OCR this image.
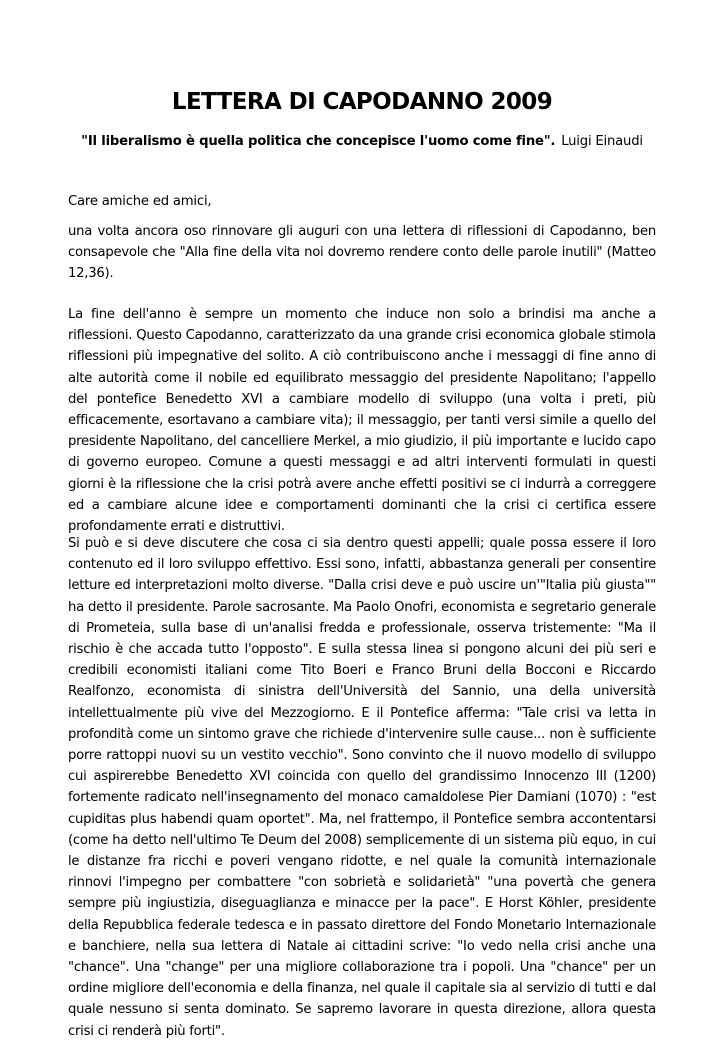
LETTERA DI CAPODANNO 2009
"Il liberalismo è quella politica che concepisce l'uomo come fine". Luigi Einaudi
Care amiche ed amici,

una volta ancora oso rinnovare gli auguri con una lettera di riflessioni di Capodanno, ben consapevole che "Alla fine della vita noi dovremo rendere conto delle parole inutili" (Matteo 12,36).

La fine dell'anno è sempre un momento che induce non solo a brindisi ma anche a riflessioni. Questo Capodanno, caratterizzato da una grande crisi economica globale stimola riflessioni più impegnative del solito. A ciò contribuiscono anche i messaggi di fine anno di alte autorità come il nobile ed equilibrato messaggio del presidente Napolitano; l'appello del pontefice Benedetto XVI a cambiare modello di sviluppo (una volta i preti, più efficacemente, esortavano a cambiare vita); il messaggio, per tanti versi simile a quello del presidente Napolitano, del cancelliere Merkel, a mio giudizio, il più importante e lucido capo di governo europeo. Comune a questi messaggi e ad altri interventi formulati in questi giorni è la riflessione che la crisi potrà avere anche effetti positivi se ci indurrà a correggere ed a cambiare alcune idee e comportamenti dominanti che la crisi ci certifica essere profondamente errati e distruttivi.

Si può e si deve discutere che cosa ci sia dentro questi appelli; quale possa essere il loro contenuto ed il loro sviluppo effettivo. Essi sono, infatti, abbastanza generali per consentire letture ed interpretazioni molto diverse. "Dalla crisi deve e può uscire un'"Italia più giusta"" ha detto il presidente. Parole sacrosante. Ma Paolo Onofri, economista e segretario generale di Prometeia, sulla base di un'analisi fredda e professionale, osserva tristemente: "Ma il rischio è che accada tutto l'opposto". E sulla stessa linea si pongono alcuni dei più seri e credibili economisti italiani come Tito Boeri e Franco Bruni della Bocconi e Riccardo Realfonzo, economista di sinistra dell'Università del Sannio, una della università intellettualmente più vive del Mezzogiorno. E il Pontefice afferma: "Tale crisi va letta in profondità come un sintomo grave che richiede d'intervenire sulle cause... non è sufficiente porre rattoppi nuovi su un vestito vecchio". Sono convinto che il nuovo modello di sviluppo cui aspirerebbe Benedetto XVI coincida con quello del grandissimo Innocenzo III (1200) fortemente radicato nell'insegnamento del monaco camaldolese Pier Damiani (1070) : "est cupiditas plus habendi quam oportet". Ma, nel frattempo, il Pontefice sembra accontentarsi (come ha detto nell'ultimo Te Deum del 2008) semplicemente di un sistema più equo, in cui le distanze fra ricchi e poveri vengano ridotte, e nel quale la comunità internazionale rinnovi l'impegno per combattere "con sobrietà e solidarietà" "una povertà che genera sempre più ingiustizia, diseguaglianza e minacce per la pace". E Horst Köhler, presidente della Repubblica federale tedesca e in passato direttore del Fondo Monetario Internazionale e banchiere, nella sua lettera di Natale ai cittadini scrive: "Io vedo nella crisi anche una "chance". Una "change" per una migliore collaborazione tra i popoli. Una "chance" per un ordine migliore dell'economia e della finanza, nel quale il capitale sia al servizio di tutti e dal quale nessuno si senta dominato. Se sapremo lavorare in questa direzione, allora questa crisi ci renderà più forti".
